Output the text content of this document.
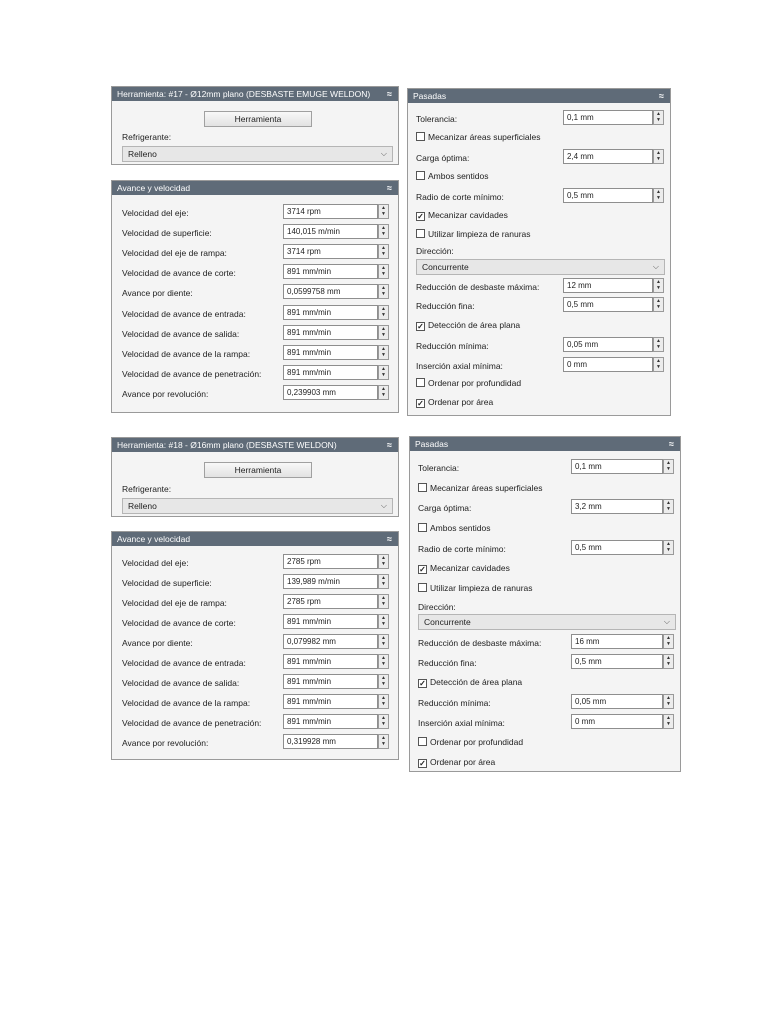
Herramienta: #17 - Ø12mm plano (DESBASTE EMUGE WELDON) ≈
Herramienta
Refrigerante:
Relleno	⌵
Avance y velocidad	≈
Velocidad del eje:	3714 rpm	▲
▼
Velocidad de superficie:	140,015 m/min	▲
▼
Velocidad del eje de rampa:	3714 rpm	▲
▼
Velocidad de avance de corte:	891 mm/min	▲
▼
Avance por diente:	0,0599758 mm	▲
▼
Velocidad de avance de entrada:	891 mm/min	▲
▼
Velocidad de avance de salida:	891 mm/min	▲
▼
Velocidad de avance de la rampa:	891 mm/min	▲
▼
Velocidad de avance de penetración:	891 mm/min	▲
▼
Avance por revolución:	0,239903 mm	▲
▼
Pasadas	≈
Tolerancia:	0,1 mm	▲
▼
Mecanizar áreas superficiales
Carga óptima:	2,4 mm	▲
▼
Ambos sentidos
Radio de corte mínimo:	0,5 mm	▲
▼
✓ Mecanizar cavidades
Utilizar limpieza de ranuras
Dirección:
Concurrente	⌵
Reducción de desbaste máxima:	12 mm	▲
▼
Reducción fina:	0,5 mm	▲
▼
✓ Detección de área plana
Reducción mínima:	0,05 mm	▲
▼
Inserción axial mínima:	0 mm	▲
▼
Ordenar por profundidad
✓ Ordenar por área
Herramienta: #18 - Ø16mm plano (DESBASTE WELDON)	≈
Herramienta
Refrigerante:
Relleno	⌵
Avance y velocidad	≈
Velocidad del eje:	2785 rpm	▲
▼
Velocidad de superficie:	139,989 m/min	▲
▼
Velocidad del eje de rampa:	2785 rpm	▲
▼
Velocidad de avance de corte:	891 mm/min	▲
▼
Avance por diente:	0,079982 mm	▲
▼
Velocidad de avance de entrada:	891 mm/min	▲
▼
Velocidad de avance de salida:	891 mm/min	▲
▼
Velocidad de avance de la rampa:	891 mm/min	▲
▼
Velocidad de avance de penetración:	891 mm/min	▲
▼
Avance por revolución:	0,319928 mm	▲
▼
Pasadas	≈
Tolerancia:	0,1 mm	▲
▼
Mecanizar áreas superficiales
Carga óptima:	3,2 mm	▲
▼
Ambos sentidos
Radio de corte mínimo:	0,5 mm	▲
▼
✓ Mecanizar cavidades
Utilizar limpieza de ranuras
Dirección:
Concurrente	⌵
Reducción de desbaste máxima:	16 mm	▲
▼
Reducción fina:	0,5 mm	▲
▼
✓ Detección de área plana
Reducción mínima:	0,05 mm	▲
▼
Inserción axial mínima:	0 mm	▲
▼
Ordenar por profundidad
✓ Ordenar por área
